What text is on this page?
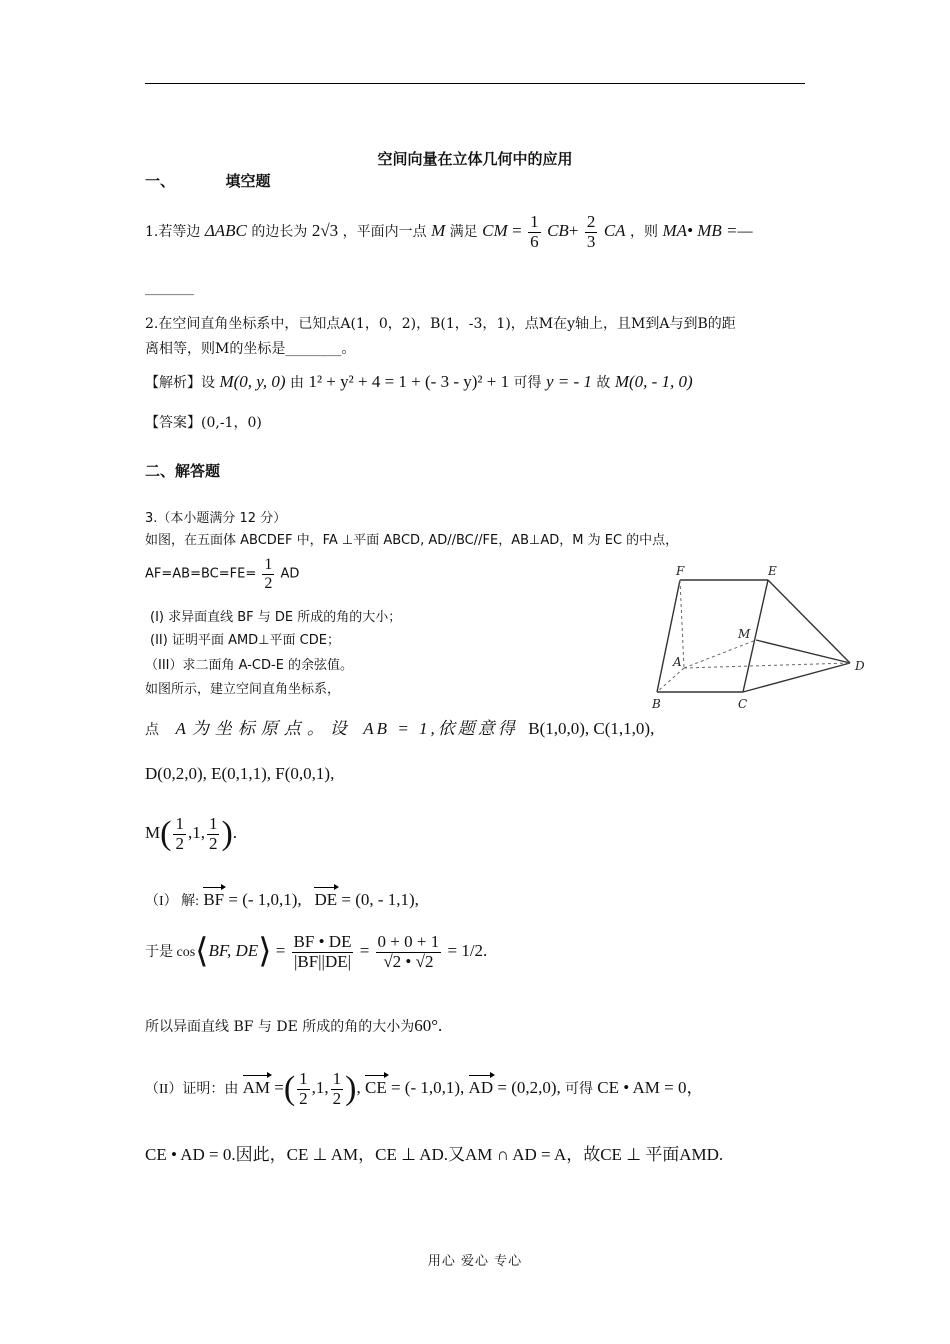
空间向量在立体几何中的应用
一、	填空题
1.若等边 ΔABC 的边长为 2√3 ，平面内一点 M 满足 CM = $\frac{1}{6} CB+ \frac{2}{3}$ CA ，则 MA• MB =—
_______
2.在空间直角坐标系中，已知点A(1，0，2)，B(1，-3，1)，点M在y轴上，且M到A与到B的距
离相等，则M的坐标是________。
【解析】设 M(0, y, 0) 由 1² + y² + 4 = 1 + (- 3 - y)² + 1 可得 y = - 1 故 M(0, - 1, 0)
【答案】(0,-1，0)
二、解答题
3.（本小题满分 12 分）
如图，在五面体 ABCDEF 中，FA ⊥平面 ABCD, AD//BC//FE，AB⊥AD，M 为 EC 的中点，
$AF=AB=BC=FE= \frac{1}{2}$ AD
(I) 求异面直线 BF 与 DE 所成的角的大小；
(II) 证明平面 AMD⊥平面 CDE；
（III）求二面角 A-CD-E 的余弦值。
如图所示，建立空间直角坐标系，
点 A为坐标原点。设 AB = 1,依题意得 B(1,0,0), C(1,1,0),
D(0,2,0), E(0,1,1), F(0,0,1),
$M( \frac{1}{2} ,1$, $\frac{1}{2}$ ).
（I） 解: BF = (- 1,0,1), DE = (0, - 1,1),
于是 cos⟨BF, DE⟩ = $\frac{BF • DE}{|BF||DE|} = \frac{0 + 0 + 1}{√2 • √2} = 1/2$.
所以异面直线 BF 与 DE 所成的角的大小为60°.
（II）证明：由 AM =( $\frac{1}{2} ,1$, $\frac{1}{2}$ ), CE = (- 1,0,1), AD = (0,2,0), 可得 CE • AM = 0，
CE • AD = 0.因此，CE ⊥ AM，CE ⊥ AD.又AM ∩ AD = A，故CE ⊥ 平面AMD.
F	E
M
A	D
B	C
用心 爱心 专心
